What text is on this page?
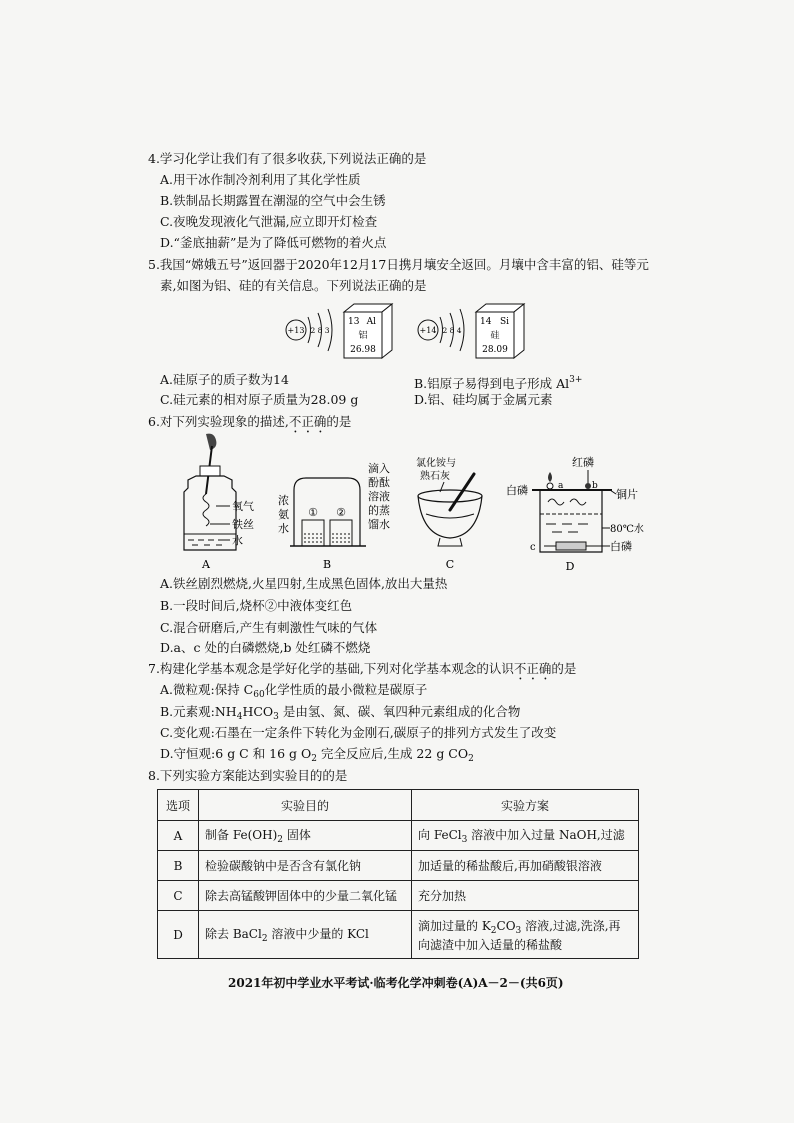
4.学习化学让我们有了很多收获,下列说法正确的是
A.用干冰作制冷剂利用了其化学性质
B.铁制品长期露置在潮湿的空气中会生锈
C.夜晚发现液化气泄漏,应立即开灯检查
D.“釜底抽薪”是为了降低可燃物的着火点
5.我国“嫦娥五号”返回器于2020年12月17日携月壤安全返回。月壤中含丰富的铝、硅等元
素,如图为铝、硅的有关信息。下列说法正确的是
+13 2 8 3
13 Al
铝
26.98
+14 2 8 4
14 Si
硅
28.09
A.硅原子的质子数为14	B.铝原子易得到电子形成 $Al^{3+}$
C.硅元素的相对原子质量为28.09 g	D.铝、硅均属于金属元素
6.对下列实验现象的描述,不正确的是
氧气
铁丝
水
A
浓
氨
水
① ②
滴入
酚酞
溶液
的蒸
馏水
B
氯化铵与
熟石灰
C
红磷
白磷	a	b
铜片
80℃水
c	白磷
D
A.铁丝剧烈燃烧,火星四射,生成黑色固体,放出大量热
B.一段时间后,烧杯②中液体变红色
C.混合研磨后,产生有刺激性气味的气体
D.a、c 处的白磷燃烧,b 处红磷不燃烧
7.构建化学基本观念是学好化学的基础,下列对化学基本观念的认识不正确的是
A.微粒观:保持 $C_{60}$化学性质的最小微粒是碳原子
B.元素观$:NH_4HCO_3$ 是由氢、氮、碳、氧四种元素组成的化合物
C.变化观:石墨在一定条件下转化为金刚石,碳原子的排列方式发生了改变
D.守恒观:6 g C 和 16 g $O_2$ 完全反应后,生成 22 g $CO_2$
8.下列实验方案能达到实验目的的是
选项	实验目的	实验方案
A	制备 $Fe(OH)_2$ 固体	向 FeCl$_3$ 溶液中加入过量 NaOH,过滤
B	检验碳酸钠中是否含有氯化钠	加适量的稀盐酸后,再加硝酸银溶液
C	除去高锰酸钾固体中的少量二氧化锰	充分加热
D	除去 BaCl$_2$ 溶液中少量的 KCl	滴加过量的 $K_2CO_3$ 溶液,过滤,洗涤,再
向滤渣中加入适量的稀盐酸
2021年初中学业水平考试·临考化学冲刺卷(A)A－2－(共6页)
